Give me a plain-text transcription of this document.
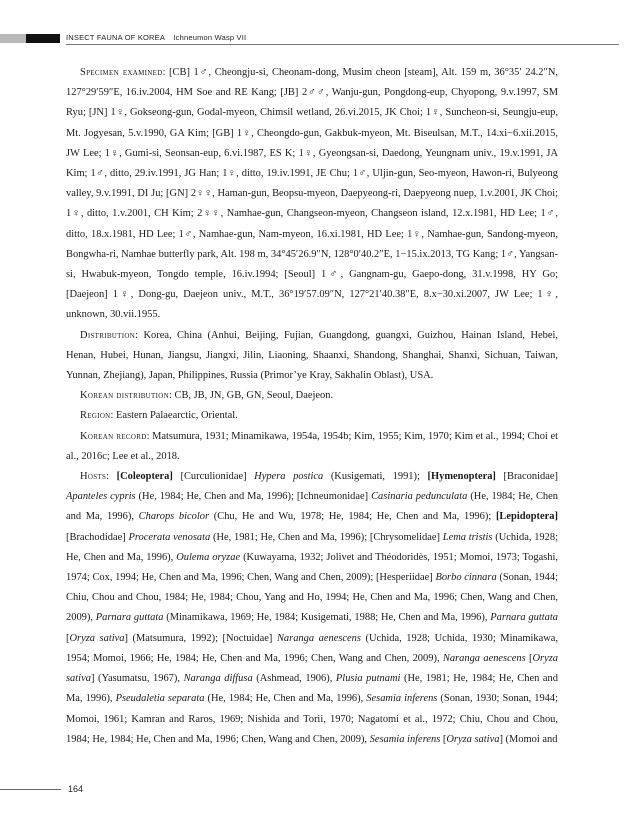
INSECT FAUNA OF KOREA Ichneumon Wasp VII

Specimen examined: [CB] 1♂, Cheongju-si, Cheonam-dong, Musim cheon [steam], Alt. 159 m, 36°35′ 24.2″N, 127°29′59″E, 16.iv.2004, HM Soe and RE Kang; [JB] 2♂♂, Wanju-gun, Pongdong-eup, Chyopong, 9.v.1997, SM Ryu; [JN] 1♀, Gokseong-gun, Godal-myeon, Chimsil wetland, 26.vi.2015, JK Choi; 1♀, Suncheon-si, Seungju-eup, Mt. Jogyesan, 5.v.1990, GA Kim; [GB] 1♀, Cheongdo-gun, Gakbuk-myeon, Mt. Biseulsan, M.T., 14.xi−6.xii.2015, JW Lee; 1♀, Gumi-si, Seonsan-eup, 6.vi.1987, ES K; 1♀, Gyeongsan-si, Daedong, Yeungnam univ., 19.v.1991, JA Kim; 1♂, ditto, 29.iv.1991, JG Han; 1♀, ditto, 19.iv.1991, JE Chu; 1♂, Uljin-gun, Seo-myeon, Hawon-ri, Bulyeong valley, 9.v.1991, DI Ju; [GN] 2♀♀, Haman-gun, Beopsu-myeon, Daepyeong-ri, Daepyeong nuep, 1.v.2001, JK Choi; 1♀, ditto, 1.v.2001, CH Kim; 2♀♀, Namhae-gun, Changseon-myeon, Changseon island, 12.x.1981, HD Lee; 1♂, ditto, 18.x.1981, HD Lee; 1♂, Namhae-gun, Nam-myeon, 16.xi.1981, HD Lee; 1♀, Namhae-gun, Sandong-myeon, Bongwha-ri, Namhae butterfly park, Alt. 198 m, 34°45′26.9″N, 128°0′40.2″E, 1−15.ix.2013, TG Kang; 1♂, Yangsan-si, Hwabuk-myeon, Tongdo temple, 16.iv.1994; [Seoul] 1♂, Gangnam-gu, Gaepo-dong, 31.v.1998, HY Go; [Daejeon] 1♀, Dong-gu, Daejeon univ., M.T., 36°19′57.09″N, 127°21′40.38″E, 8.x−30.xi.2007, JW Lee; 1♀, unknown, 30.vii.1955.

Distribution: Korea, China (Anhui, Beijing, Fujian, Guangdong, guangxi, Guizhou, Hainan Island, Hebei, Henan, Hubei, Hunan, Jiangsu, Jiangxi, Jilin, Liaoning, Shaanxi, Shandong, Shanghai, Shanxi, Sichuan, Taiwan, Yunnan, Zhejiang), Japan, Philippines, Russia (Primor’ye Kray, Sakhalin Oblast), USA.

Korean distribution: CB, JB, JN, GB, GN, Seoul, Daejeon.

Region: Eastern Palaearctic, Oriental.

Korean record: Matsumura, 1931; Minamikawa, 1954a, 1954b; Kim, 1955; Kim, 1970; Kim et al., 1994; Choi et al., 2016c; Lee et al., 2018.

Hosts: [Coleoptera] [Curculionidae] Hypera postica (Kusigemati, 1991); [Hymenoptera] [Braconidae] Apanteles cypris (He, 1984; He, Chen and Ma, 1996); [Ichneumonidae] Casinaria pedunculata (He, 1984; He, Chen and Ma, 1996), Charops bicolor (Chu, He and Wu, 1978; He, 1984; He, Chen and Ma, 1996); [Lepidoptera] [Brachodidae] Procerata venosata (He, 1981; He, Chen and Ma, 1996); [Chrysomelidae] Lema tristis (Uchida, 1928; He, Chen and Ma, 1996), Oulema oryzae (Kuwayama, 1932; Jolivet and Théodoridès, 1951; Momoi, 1973; Togashi, 1974; Cox, 1994; He, Chen and Ma, 1996; Chen, Wang and Chen, 2009); [Hesperiidae] Borbo cinnara (Sonan, 1944; Chiu, Chou and Chou, 1984; He, 1984; Chou, Yang and Ho, 1994; He, Chen and Ma, 1996; Chen, Wang and Chen, 2009), Parnara guttata (Minamikawa, 1969; He, 1984; Kusigemati, 1988; He, Chen and Ma, 1996), Parnara guttata [Oryza sativa] (Matsumura, 1992); [Noctuidae] Naranga aenescens (Uchida, 1928; Uchida, 1930; Minamikawa, 1954; Momoi, 1966; He, 1984; He, Chen and Ma, 1996; Chen, Wang and Chen, 2009), Naranga aenescens [Oryza sativa] (Yasumatsu, 1967), Naranga diffusa (Ashmead, 1906), Plusia putnami (He, 1981; He, 1984; He, Chen and Ma, 1996), Pseudaletia separata (He, 1984; He, Chen and Ma, 1996), Sesamia inferens (Sonan, 1930; Sonan, 1944; Momoi, 1961; Kamran and Raros, 1969; Nishida and Torii, 1970; Nagatomi et al., 1972; Chiu, Chou and Chou, 1984; He, 1984; He, Chen and Ma, 1996; Chen, Wang and Chen, 2009), Sesamia inferens [Oryza sativa] (Momoi and

164
